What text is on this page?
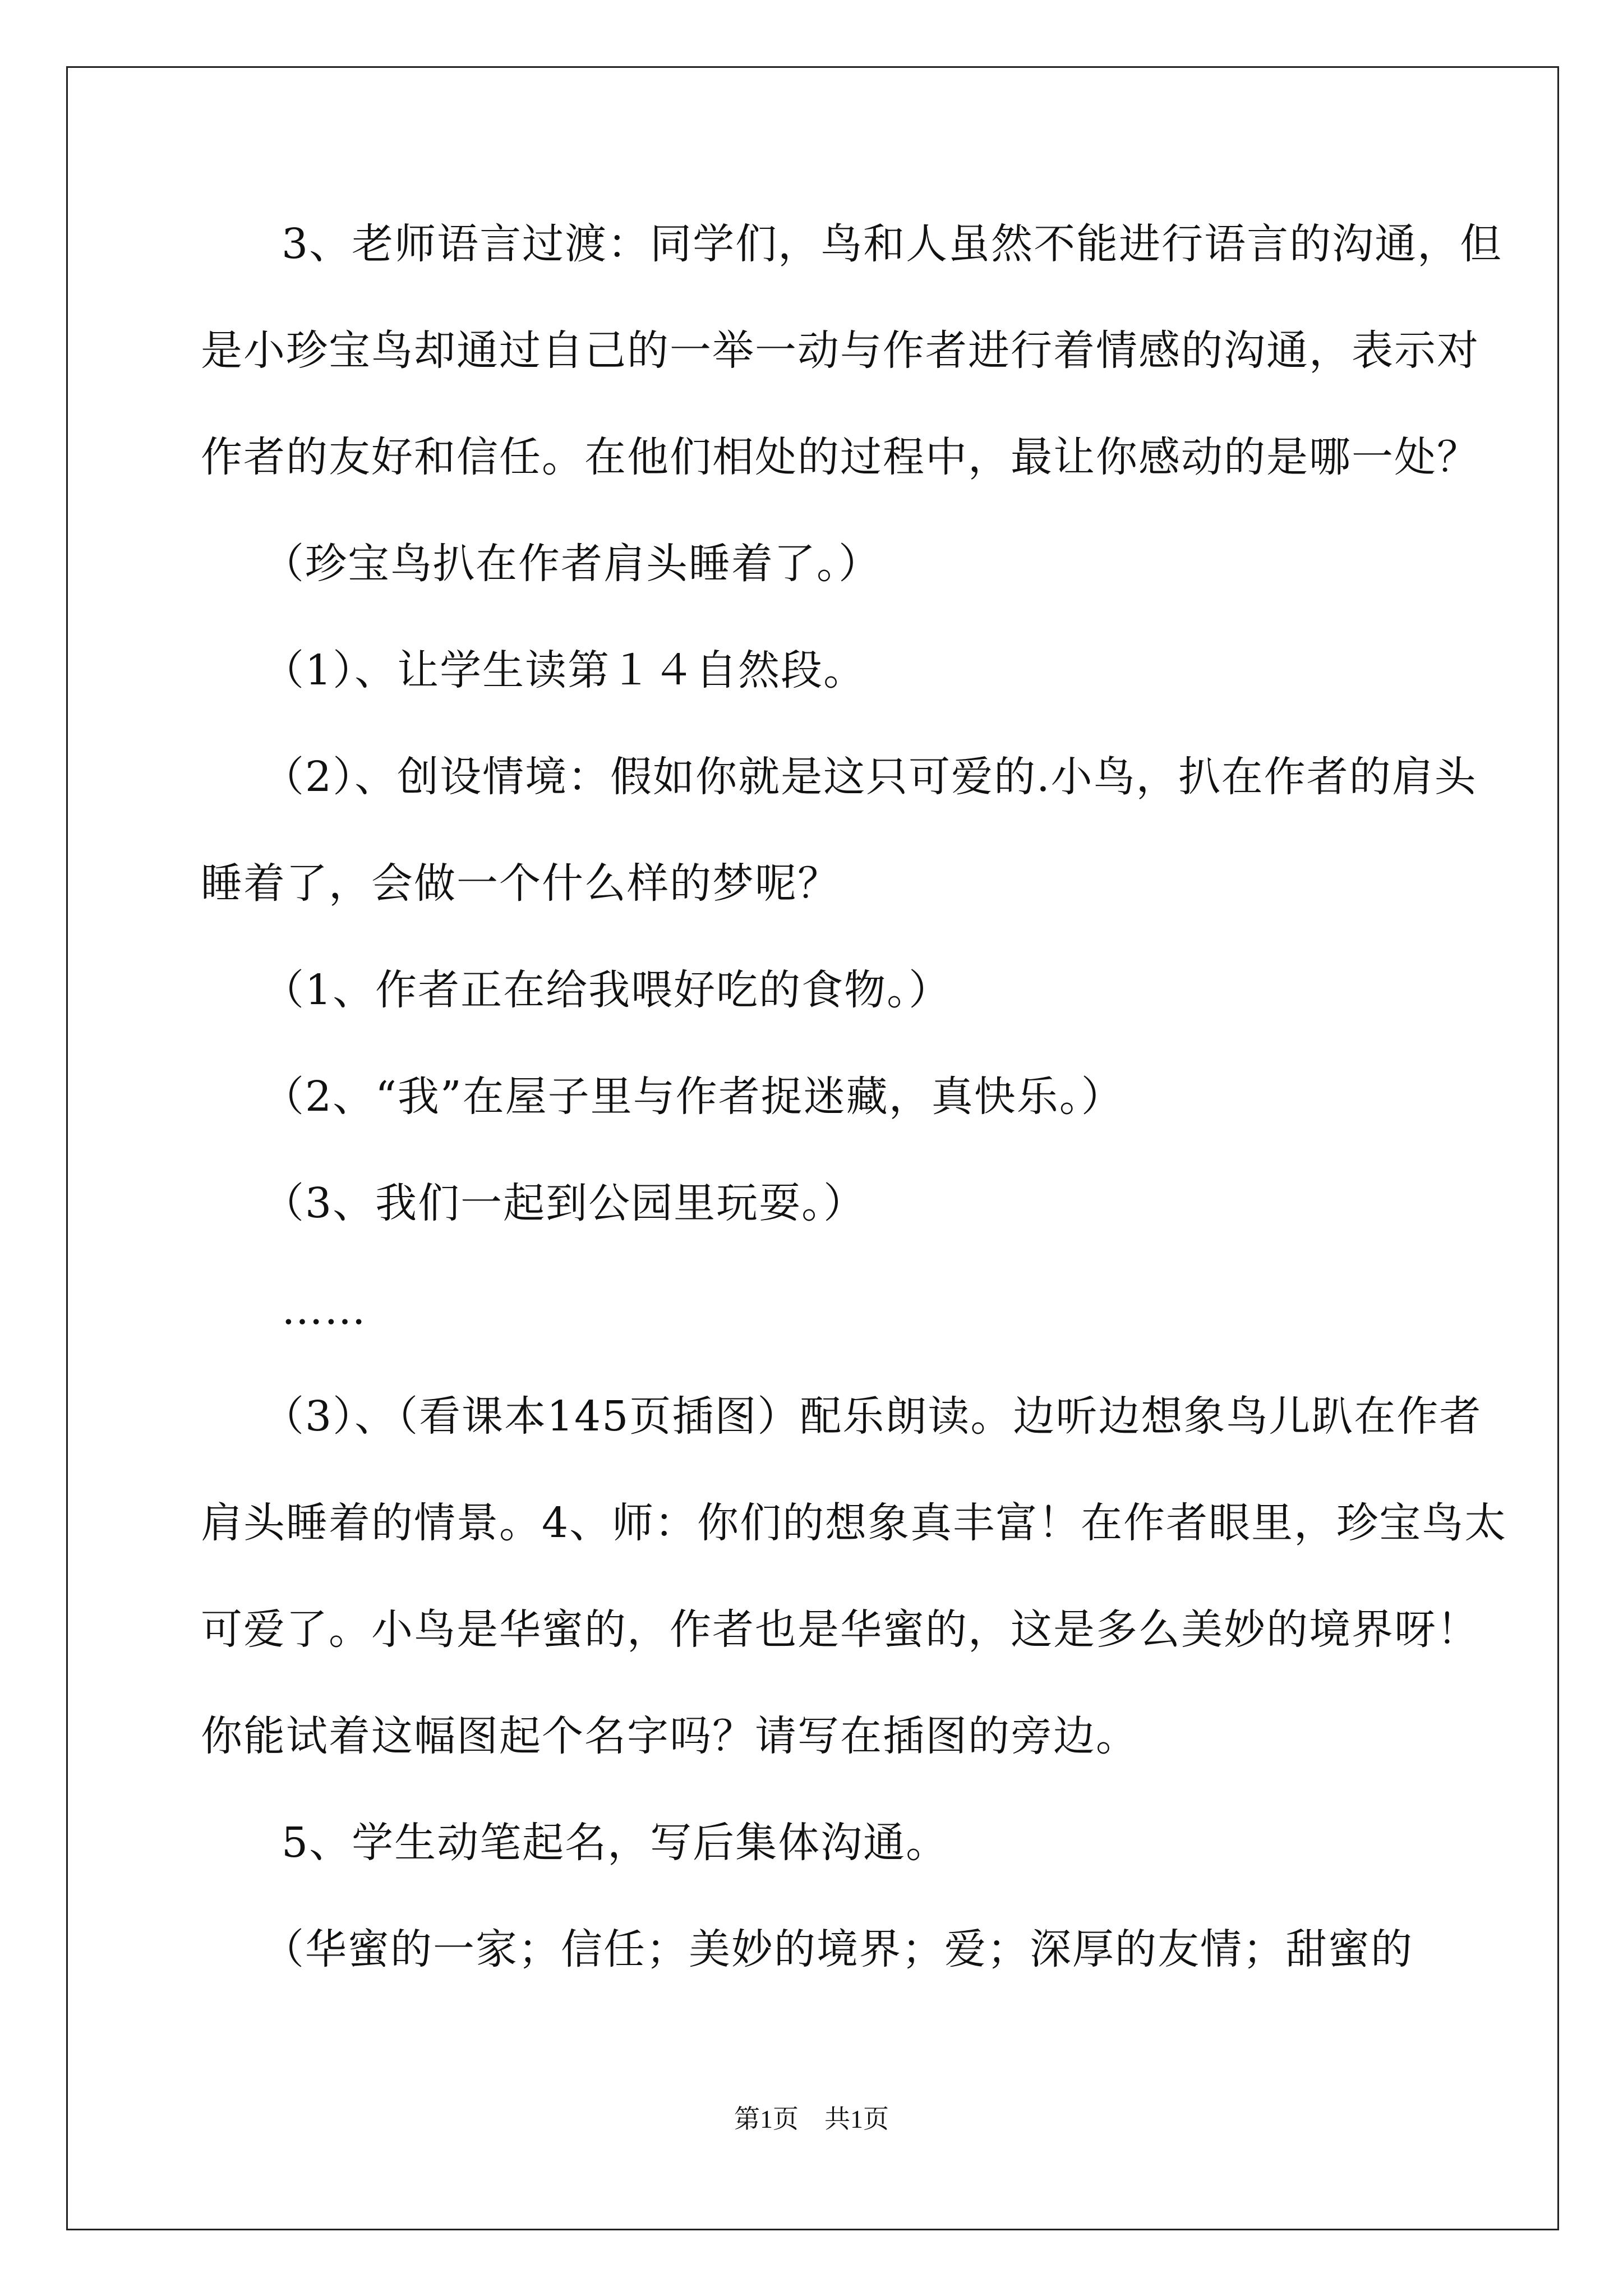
3、老师语言过渡：同学们，鸟和人虽然不能进行语言的沟通，但
是小珍宝鸟却通过自己的一举一动与作者进行着情感的沟通，表示对
作者的友好和信任。在他们相处的过程中，最让你感动的是哪一处？
（珍宝鸟扒在作者肩头睡着了。）
（1）、让学生读第１４自然段。
（2）、创设情境：假如你就是这只可爱的.小鸟，扒在作者的肩头
睡着了，会做一个什么样的梦呢？
（1、作者正在给我喂好吃的食物。）
（2、“我”在屋子里与作者捉迷藏，真快乐。）
（3、我们一起到公园里玩耍。）
……
（3）、（看课本145页插图）配乐朗读。边听边想象鸟儿趴在作者
肩头睡着的情景。4、师：你们的想象真丰富！在作者眼里，珍宝鸟太
可爱了。小鸟是华蜜的，作者也是华蜜的，这是多么美妙的境界呀！
你能试着这幅图起个名字吗？请写在插图的旁边。
5、学生动笔起名，写后集体沟通。
（华蜜的一家；信任；美妙的境界；爱；深厚的友情；甜蜜的
第1页　共1页
